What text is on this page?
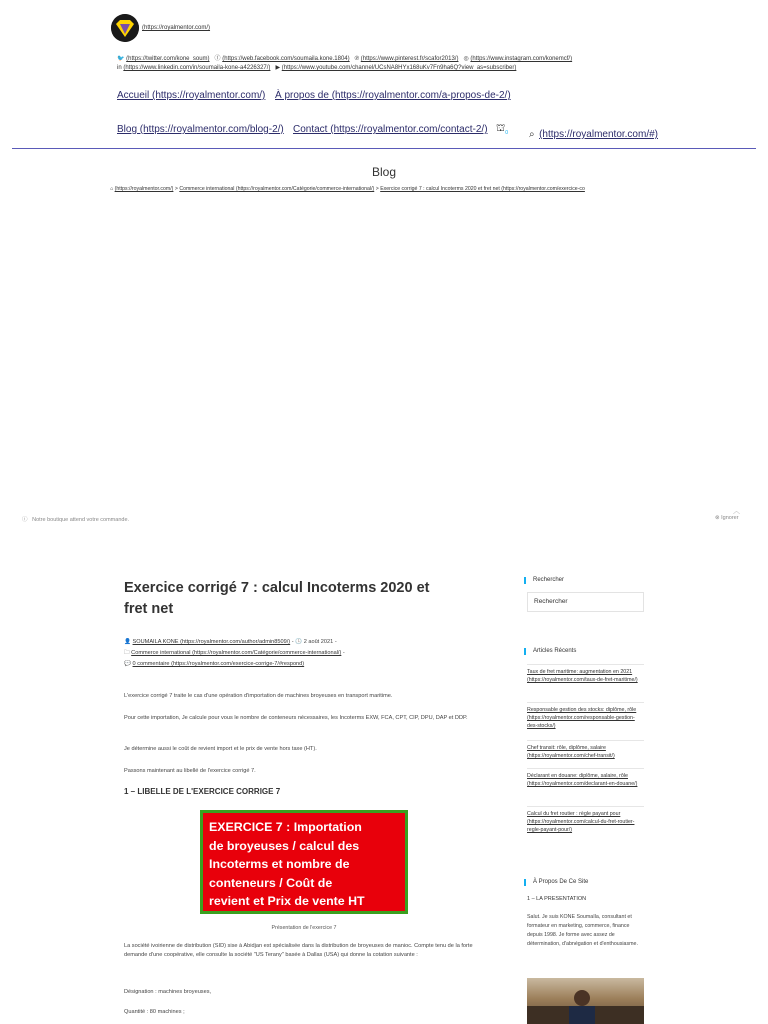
(https://royalmentor.com/)
🐦 (https://twitter.com/kone_soum) ⓕ (https://web.facebook.com/soumaila.kone.1804) ℗ (https://www.pinterest.fr/scafor2013/) ◎ (https://www.instagram.com/konemcf/)
in (https://www.linkedin.com/in/soumaila-kone-a4226327/) ▶ (https://www.youtube.com/channel/UCsNA8HYx168uKv7Fn9ha6Q?view_as=subscriber)
Accueil (https://royalmentor.com/) À propos de (https://royalmentor.com/a-propos-de-2/)
Blog (https://royalmentor.com/blog-2/) Contact (https://royalmentor.com/contact-2/) $⛫_0$ ⌕ (https://royalmentor.com/#)
Blog
⌂ (https://royalmentor.com/) > Commerce international (https://royalmentor.com/Catégorie/commerce-international/) > Exercice corrigé 7 : calcul Incoterms 2020 et fret net (https://royalmentor.com/exercice-co
ⓘ Notre boutique attend votre commande.
︿
⊗ Ignorer
Exercice corrigé 7 : calcul Incoterms 2020 et
fret net
👤 SOUMAILA KONE (https://royalmentor.com/author/admin8509/) - 🕓 2 août 2021 -
🗀 Commerce international (https://royalmentor.com/Catégorie/commerce-international/) -
💬 0 commentaire (https://royalmentor.com/exercice-corrige-7/#respond)
L'exercice corrigé 7 traite le cas d'une opération d'importation de machines broyeuses en transport maritime.
Pour cette importation, Je calcule pour vous le nombre de conteneurs nécessaires, les Incoterms EXW, FCA, CPT, CIP, DPU, DAP et DDP.
Je détermine aussi le coût de revient import et le prix de vente hors taxe (HT).
Passons maintenant au libellé de l'exercice corrigé 7.
1 – LIBELLE DE L'EXERCICE CORRIGE 7
EXERCICE 7 : Importation
de broyeuses / calcul des
Incoterms et nombre de
conteneurs / Coût de
revient et Prix de vente HT
Présentation de l'exercice 7
La société ivoirienne de distribution (SID) sise à Abidjan est spécialisée dans la distribution de broyeuses de manioc. Compte tenu de la forte demande d'une coopérative, elle consulte la société "US Terany" basée à Dallas (USA) qui donne la cotation suivante :
Désignation : machines broyeuses,
Quantité : 80 machines ;
Rechercher
Rechercher
Articles Récents
Taux de fret maritime: augmentation en 2021 (https://royalmentor.com/taux-de-fret-maritime/)
Responsable gestion des stocks: diplôme, rôle (https://royalmentor.com/responsable-gestion-des-stocks/)
Chef transit: rôle, diplôme, salaire (https://royalmentor.com/chef-transit/)
Déclarant en douane: diplôme, salaire, rôle (https://royalmentor.com/declarant-en-douane/)
Calcul du fret routier : règle payant pour (https://royalmentor.com/calcul-du-fret-routier-regle-payant-pour/)
À Propos De Ce Site
1 – LA PRESENTATION
Salut. Je suis KONE Soumaïla, consultant et formateur en marketing, commerce, finance depuis 1998. Je forme avec assez de détermination, d'abnégation et d'enthousiasme.
